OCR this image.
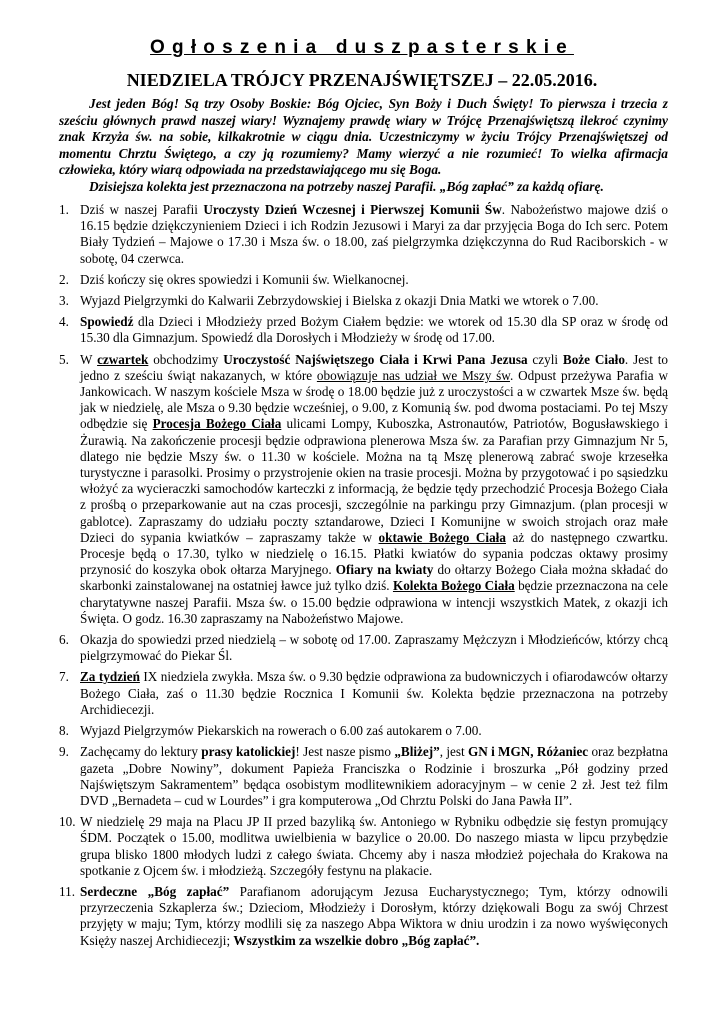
Ogłoszenia duszpasterskie
NIEDZIELA TRÓJCY PRZENAJŚWIĘTSZEJ – 22.05.2016.

Jest jeden Bóg! Są trzy Osoby Boskie: Bóg Ojciec, Syn Boży i Duch Święty! To pierwsza i trzecia z sześciu głównych prawd naszej wiary! Wyznajemy prawdę wiary w Trójcę Przenajświętszą ilekroć czynimy znak Krzyża św. na sobie, kilkakrotnie w ciągu dnia. Uczestniczymy w życiu Trójcy Przenajświętszej od momentu Chrztu Świętego, a czy ją rozumiemy? Mamy wierzyć a nie rozumieć! To wielka afirmacja człowieka, który wiarą odpowiada na przedstawiającego mu się Boga.

Dzisiejsza kolekta jest przeznaczona na potrzeby naszej Parafii. „Bóg zapłać” za każdą ofiarę.

1. Dziś w naszej Parafii Uroczysty Dzień Wczesnej i Pierwszej Komunii Św. Nabożeństwo majowe dziś o 16.15 będzie dziękczynieniem Dzieci i ich Rodzin Jezusowi i Maryi za dar przyjęcia Boga do Ich serc. Potem Biały Tydzień – Majowe o 17.30 i Msza św. o 18.00, zaś pielgrzymka dziękczynna do Rud Raciborskich - w sobotę, 04 czerwca.
2. Dziś kończy się okres spowiedzi i Komunii św. Wielkanocnej.
3. Wyjazd Pielgrzymki do Kalwarii Zebrzydowskiej i Bielska z okazji Dnia Matki we wtorek o 7.00.
4. Spowiedź dla Dzieci i Młodzieży przed Bożym Ciałem będzie: we wtorek od 15.30 dla SP oraz w środę od 15.30 dla Gimnazjum. Spowiedź dla Dorosłych i Młodzieży w środę od 17.00.
5. W czwartek obchodzimy Uroczystość Najświętszego Ciała i Krwi Pana Jezusa czyli Boże Ciało. Jest to jedno z sześciu świąt nakazanych, w które obowiązuje nas udział we Mszy św. Odpust przeżywa Parafia w Jankowicach. W naszym kościele Msza w środę o 18.00 będzie już z uroczystości a w czwartek Msze św. będą jak w niedzielę, ale Msza o 9.30 będzie wcześniej, o 9.00, z Komunią św. pod dwoma postaciami. Po tej Mszy odbędzie się Procesja Bożego Ciała ulicami Lompy, Kuboszka, Astronautów, Patriotów, Bogusławskiego i Żurawią. Na zakończenie procesji będzie odprawiona plenerowa Msza św. za Parafian przy Gimnazjum Nr 5, dlatego nie będzie Mszy św. o 11.30 w kościele. Można na tą Mszę plenerową zabrać swoje krzesełka turystyczne i parasolki. Prosimy o przystrojenie okien na trasie procesji. Można by przygotować i po sąsiedzku włożyć za wycieraczki samochodów karteczki z informacją, że będzie tędy przechodzić Procesja Bożego Ciała z prośbą o przeparkowanie aut na czas procesji, szczególnie na parkingu przy Gimnazjum. (plan procesji w gablotce). Zapraszamy do udziału poczty sztandarowe, Dzieci I Komunijne w swoich strojach oraz małe Dzieci do sypania kwiatków – zapraszamy także w oktawie Bożego Ciała aż do następnego czwartku. Procesje będą o 17.30, tylko w niedzielę o 16.15. Płatki kwiatów do sypania podczas oktawy prosimy przynosić do koszyka obok ołtarza Maryjnego. Ofiary na kwiaty do ołtarzy Bożego Ciała można składać do skarbonki zainstalowanej na ostatniej ławce już tylko dziś. Kolekta Bożego Ciała będzie przeznaczona na cele charytatywne naszej Parafii. Msza św. o 15.00 będzie odprawiona w intencji wszystkich Matek, z okazji ich Święta. O godz. 16.30 zapraszamy na Nabożeństwo Majowe.
6. Okazja do spowiedzi przed niedzielą – w sobotę od 17.00. Zapraszamy Mężczyzn i Młodzieńców, którzy chcą pielgrzymować do Piekar Śl.
7. Za tydzień IX niedziela zwykła. Msza św. o 9.30 będzie odprawiona za budowniczych i ofiarodawców ołtarzy Bożego Ciała, zaś o 11.30 będzie Rocznica I Komunii św. Kolekta będzie przeznaczona na potrzeby Archidiecezji.
8. Wyjazd Pielgrzymów Piekarskich na rowerach o 6.00 zaś autokarem o 7.00.
9. Zachęcamy do lektury prasy katolickiej! Jest nasze pismo „Bliżej”, jest GN i MGN, Różaniec oraz bezpłatna gazeta „Dobre Nowiny”, dokument Papieża Franciszka o Rodzinie i broszurka „Pół godziny przed Najświętszym Sakramentem” będąca osobistym modlitewnikiem adoracyjnym – w cenie 2 zł. Jest też film DVD „Bernadeta – cud w Lourdes” i gra komputerowa „Od Chrztu Polski do Jana Pawła II”.
10. W niedzielę 29 maja na Placu JP II przed bazyliką św. Antoniego w Rybniku odbędzie się festyn promujący ŚDM. Początek o 15.00, modlitwa uwielbienia w bazylice o 20.00. Do naszego miasta w lipcu przybędzie grupa blisko 1800 młodych ludzi z całego świata. Chcemy aby i nasza młodzież pojechała do Krakowa na spotkanie z Ojcem św. i młodzieżą. Szczegóły festynu na plakacie.
11. Serdeczne „Bóg zapłać” Parafianom adorującym Jezusa Eucharystycznego; Tym, którzy odnowili przyrzeczenia Szkaplerza św.; Dzieciom, Młodzieży i Dorosłym, którzy dziękowali Bogu za swój Chrzest przyjęty w maju; Tym, którzy modlili się za naszego Abpa Wiktora w dniu urodzin i za nowo wyświęconych Księży naszej Archidiecezji; Wszystkim za wszelkie dobro „Bóg zapłać”.
